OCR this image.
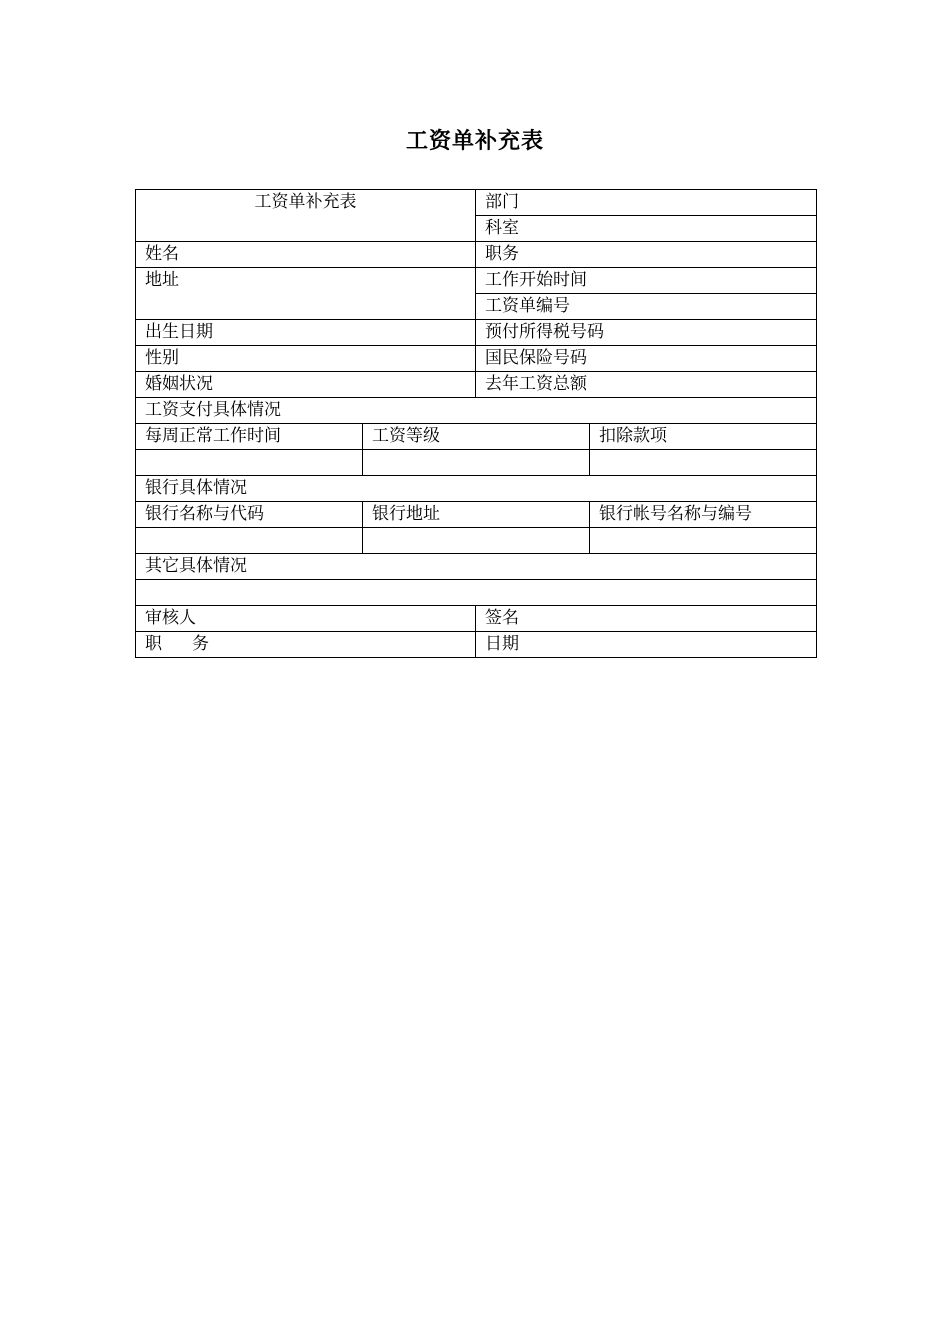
工资单补充表
工资单补充表		部门	
		科室	
姓名		职务	
地址		工作开始时间	
		工资单编号	
出生日期		预付所得税号码	
性别		国民保险号码	
婚姻状况		去年工资总额	
工资支付具体情况			
每周正常工作时间	工资等级		扣除款项

银行具体情况			
银行名称与代码	银行地址		银行帐号名称与编号

其它具体情况			

审核人		签名	
职 务		日期	
